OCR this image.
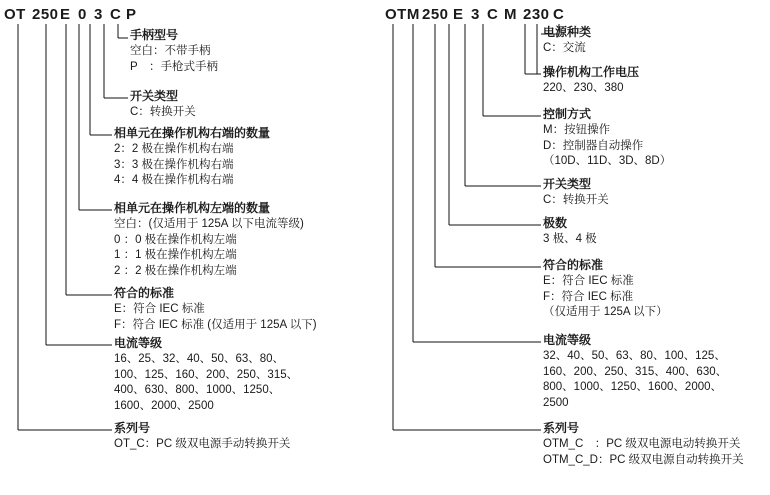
OT 250E 0 3 C P
手柄型号
空白：不带手柄
P　：手枪式手柄
开关类型
C：转换开关
相单元在操作机构右端的数量
2：2 极在操作机构右端
3：3 极在操作机构右端
4：4 极在操作机构右端
相单元在操作机构左端的数量
空白：(仅适用于 125A 以下电流等级)
0 ：0 极在操作机构左端
1 ：1 极在操作机构左端
2 ：2 极在操作机构左端
符合的标准
E：符合 IEC 标准
F：符合 IEC 标准 (仅适用于 125A 以下)
电流等级
16、25、32、40、50、63、80、
100、125、160、200、250、315、
400、630、800、1000、1250、
1600、2000、2500
系列号
OT_C：PC 级双电源手动转换开关
OTM 250 E 3 C M 230 C
电源种类
C：交流
操作机构工作电压
220、230、380
控制方式
M：按钮操作
D：控制器自动操作
（10D、11D、3D、8D）
开关类型
C：转换开关
极数
3 极、4 极
符合的标准
E：符合 IEC 标准
F：符合 IEC 标准
（仅适用于 125A 以下）
电流等级
32、40、50、63、80、100、125、
160、200、250、315、400、630、
800、1000、1250、1600、2000、
2500
系列号
OTM_C　：PC 级双电源电动转换开关
OTM_C_D：PC 级双电源自动转换开关
